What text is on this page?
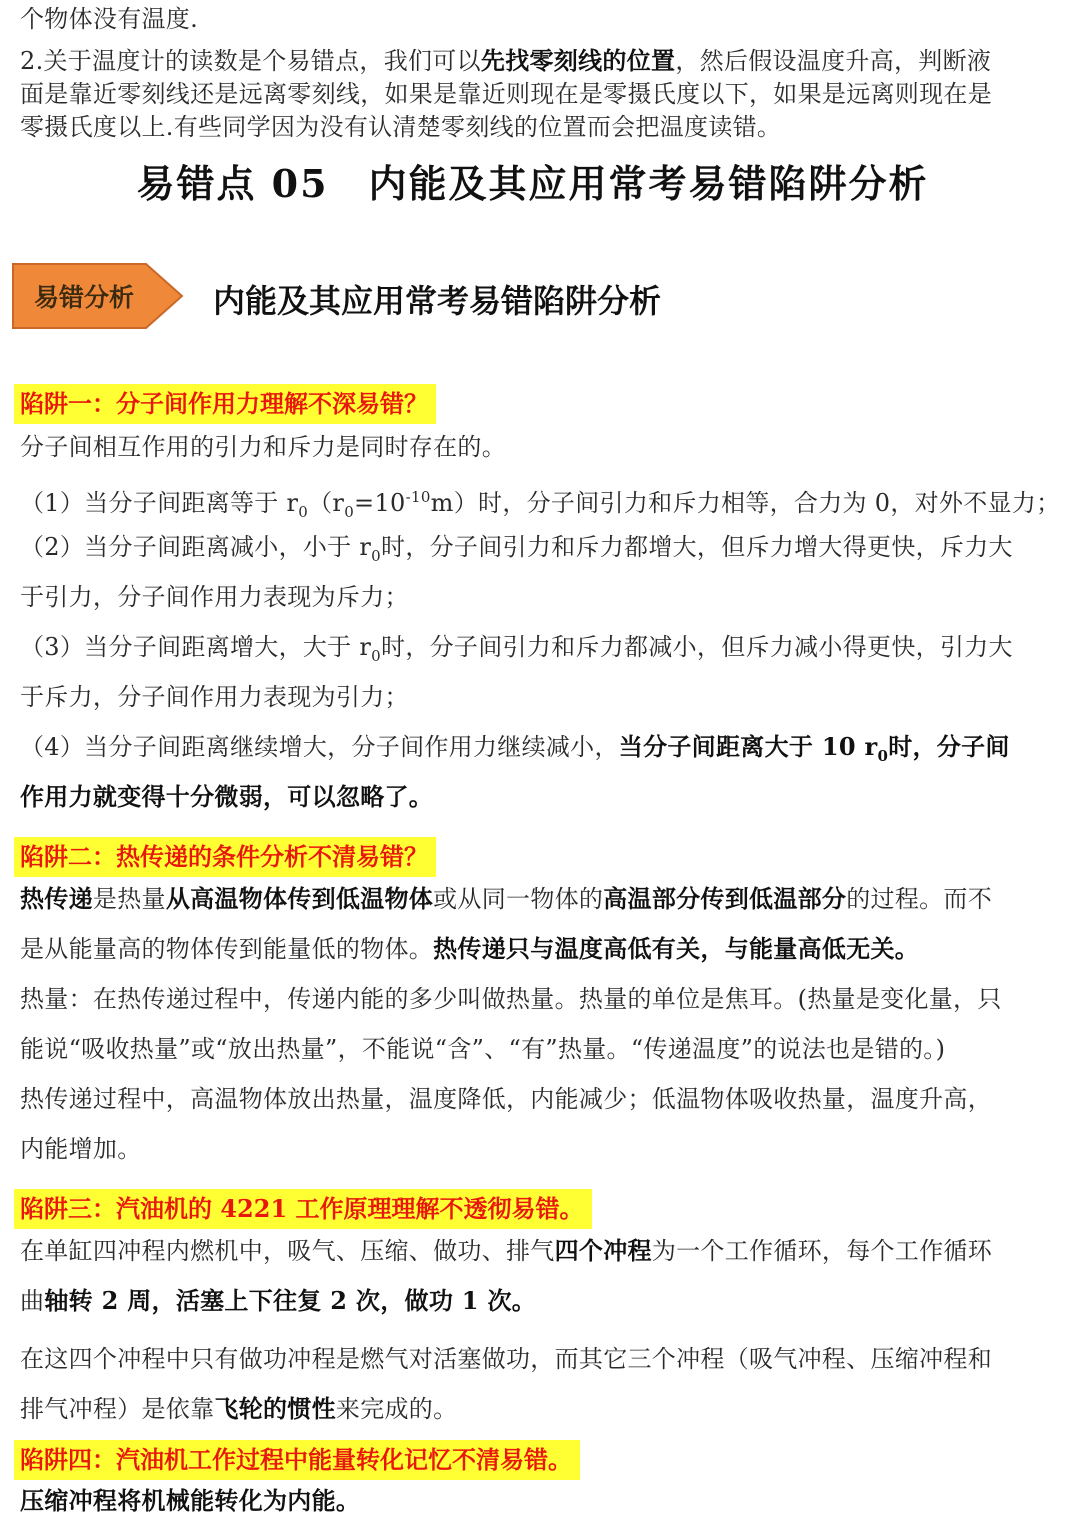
个物体没有温度.
2.关于温度计的读数是个易错点，我们可以先找零刻线的位置，然后假设温度升高，判断液
面是靠近零刻线还是远离零刻线，如果是靠近则现在是零摄氏度以下，如果是远离则现在是
零摄氏度以上.有些同学因为没有认清楚零刻线的位置而会把温度读错。
易错点 05　内能及其应用常考易错陷阱分析
易错分析 内能及其应用常考易错陷阱分析
陷阱一：分子间作用力理解不深易错？
分子间相互作用的引力和斥力是同时存在的。
（1）当分子间距离等于 $r_0(r_0=10^{-10}m)$时，分子间引力和斥力相等，合力为 0，对外不显力；
（2）当分子间距离减小，小于 $r_0$时，分子间引力和斥力都增大，但斥力增大得更快，斥力大
于引力，分子间作用力表现为斥力；
（3）当分子间距离增大，大于 $r_0$时，分子间引力和斥力都减小，但斥力减小得更快，引力大
于斥力，分子间作用力表现为引力；
（4）当分子间距离继续增大，分子间作用力继续减小，当分子间距离大于 10 $r_0$时，分子间
作用力就变得十分微弱，可以忽略了。
陷阱二：热传递的条件分析不清易错？
热传递是热量从高温物体传到低温物体或从同一物体的高温部分传到低温部分的过程。而不
是从能量高的物体传到能量低的物体。热传递只与温度高低有关，与能量高低无关。
热量：在热传递过程中，传递内能的多少叫做热量。热量的单位是焦耳。(热量是变化量，只
能说“吸收热量”或“放出热量”，不能说“含”、“有”热量。“传递温度”的说法也是错的。)
热传递过程中，高温物体放出热量，温度降低，内能减少；低温物体吸收热量，温度升高，
内能增加。
陷阱三：汽油机的 4221 工作原理理解不透彻易错。
在单缸四冲程内燃机中，吸气、压缩、做功、排气四个冲程为一个工作循环，每个工作循环
曲轴转 2 周，活塞上下往复 2 次，做功 1 次。
在这四个冲程中只有做功冲程是燃气对活塞做功，而其它三个冲程（吸气冲程、压缩冲程和
排气冲程）是依靠飞轮的惯性来完成的。
陷阱四：汽油机工作过程中能量转化记忆不清易错。
压缩冲程将机械能转化为内能。
